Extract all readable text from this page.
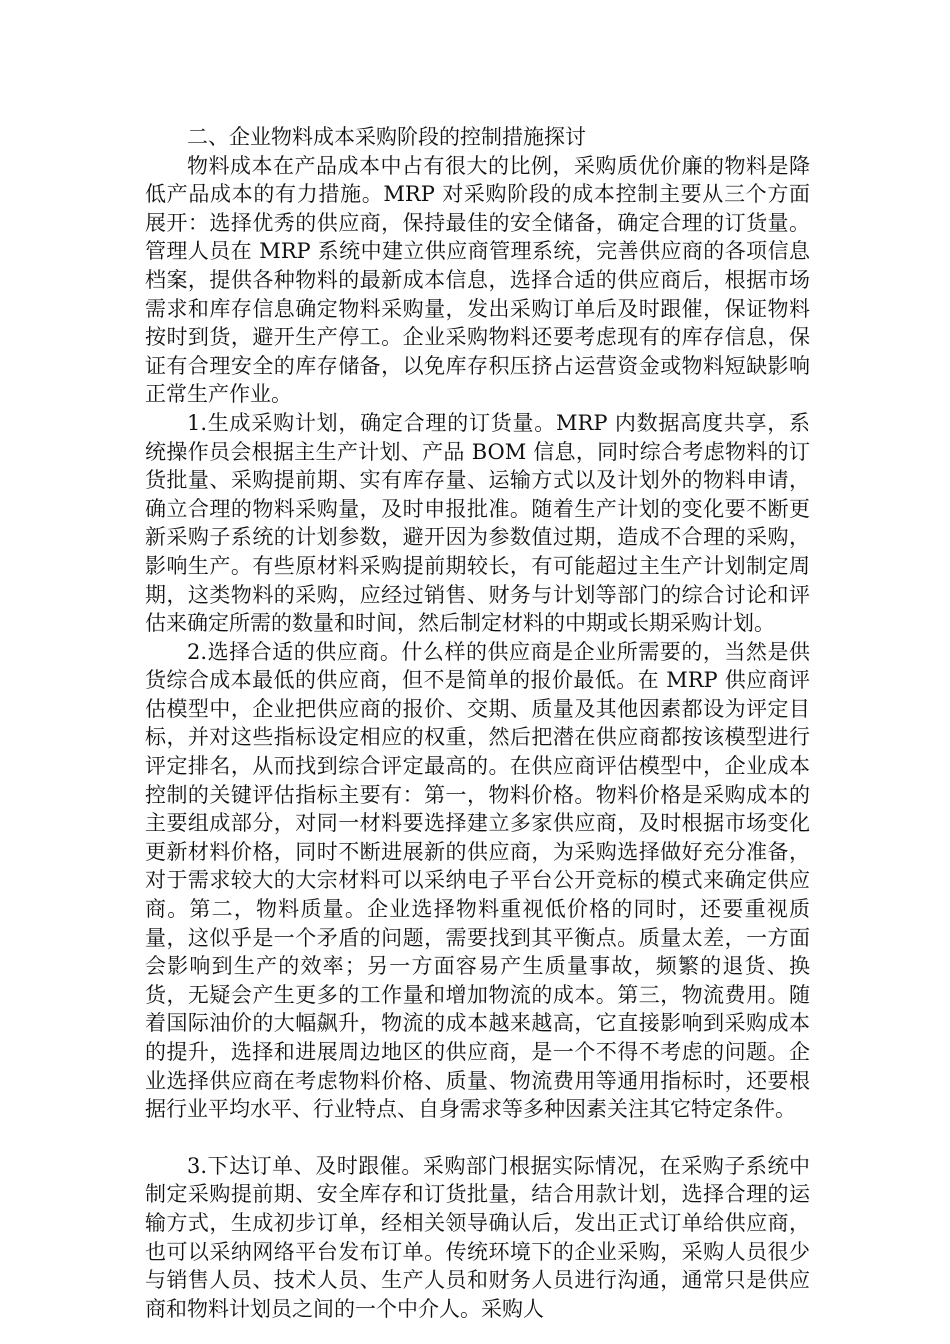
二、企业物料成本采购阶段的控制措施探讨

物料成本在产品成本中占有很大的比例，采购质优价廉的物料是降低产品成本的有力措施。MRP 对采购阶段的成本控制主要从三个方面展开：选择优秀的供应商，保持最佳的安全储备，确定合理的订货量。管理人员在 MRP 系统中建立供应商管理系统，完善供应商的各项信息档案，提供各种物料的最新成本信息，选择合适的供应商后，根据市场需求和库存信息确定物料采购量，发出采购订单后及时跟催，保证物料按时到货，避开生产停工。企业采购物料还要考虑现有的库存信息，保证有合理安全的库存储备，以免库存积压挤占运营资金或物料短缺影响正常生产作业。

1.生成采购计划，确定合理的订货量。MRP 内数据高度共享，系统操作员会根据主生产计划、产品 BOM 信息，同时综合考虑物料的订货批量、采购提前期、实有库存量、运输方式以及计划外的物料申请，确立合理的物料采购量，及时申报批准。随着生产计划的变化要不断更新采购子系统的计划参数，避开因为参数值过期，造成不合理的采购，影响生产。有些原材料采购提前期较长，有可能超过主生产计划制定周期，这类物料的采购，应经过销售、财务与计划等部门的综合讨论和评估来确定所需的数量和时间，然后制定材料的中期或长期采购计划。

2.选择合适的供应商。什么样的供应商是企业所需要的，当然是供货综合成本最低的供应商，但不是简单的报价最低。在 MRP 供应商评估模型中，企业把供应商的报价、交期、质量及其他因素都设为评定目标，并对这些指标设定相应的权重，然后把潜在供应商都按该模型进行评定排名，从而找到综合评定最高的。在供应商评估模型中，企业成本控制的关键评估指标主要有：第一，物料价格。物料价格是采购成本的主要组成部分，对同一材料要选择建立多家供应商，及时根据市场变化更新材料价格，同时不断进展新的供应商，为采购选择做好充分准备，对于需求较大的大宗材料可以采纳电子平台公开竞标的模式来确定供应商。第二，物料质量。企业选择物料重视低价格的同时，还要重视质量，这似乎是一个矛盾的问题，需要找到其平衡点。质量太差，一方面会影响到生产的效率；另一方面容易产生质量事故，频繁的退货、换货，无疑会产生更多的工作量和增加物流的成本。第三，物流费用。随着国际油价的大幅飙升，物流的成本越来越高，它直接影响到采购成本的提升，选择和进展周边地区的供应商，是一个不得不考虑的问题。企业选择供应商在考虑物料价格、质量、物流费用等通用指标时，还要根据行业平均水平、行业特点、自身需求等多种因素关注其它特定条件。

3.下达订单、及时跟催。采购部门根据实际情况，在采购子系统中制定采购提前期、安全库存和订货批量，结合用款计划，选择合理的运输方式，生成初步订单，经相关领导确认后，发出正式订单给供应商，也可以采纳网络平台发布订单。传统环境下的企业采购，采购人员很少与销售人员、技术人员、生产人员和财务人员进行沟通，通常只是供应商和物料计划员之间的一个中介人。采购人
